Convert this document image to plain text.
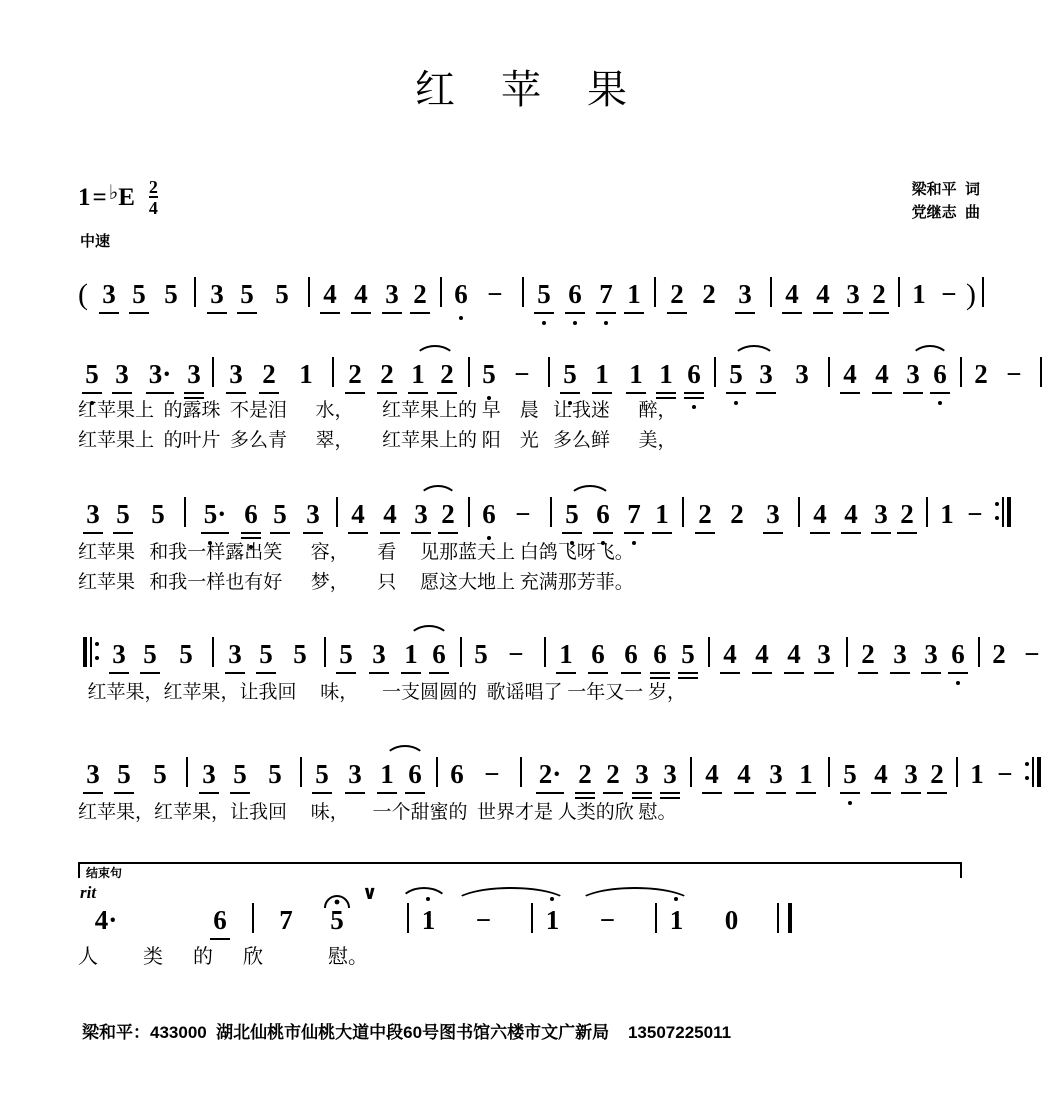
红 苹 果
1 = ♭ E $\frac{2}{4}$
中速
梁和平  词
党继志  曲
( 3 5 5	3 5 5	4 4 3 2 6 −	5 6 7 1	2 2 3	4 4 3 2 1 − )
5 3 3· 3	3 2 1	2 2 1 2	5 −	5 1 1 1 6 5 3 3	4 4 3 6 2 −
红苹果上  的露珠  不是泪      水，      红苹果上的 早    晨   让我迷      醉，
红苹果上  的叶片  多么青      翠，      红苹果上的 阳    光   多么鲜      美，
3 5 5	5· 6 5 3	4 4 3 2 6 −	5 6 7 1	2 2 3	4 4 3 2 1 −
红苹果   和我一样露出笑      容，      看     见那蓝天上 白鸽飞呀飞。
红苹果   和我一样也有好      梦，      只     愿这大地上 充满那芳菲。
3 5 5	3 5 5	5 3 1 6	5 −	1 6 6 6 5 4 4 4 3	2 3 3 6 2 −
红苹果，红苹果，让我回     味，     一支圆圆的  歌谣唱了 一年又一 岁，
3 5 5	3 5 5	5 3 1 6	6 −	2· 2 2 3 3 4 4 3 1	5 4 3 2 1 −
红苹果，红苹果，让我回     味，     一个甜蜜的  世界才是 人类的欣 慰。
结束句
rit
4·	6	7	5
∨
1	−	1	−	1	0
人         类      的      欣             慰。
梁和平：433000  湖北仙桃市仙桃大道中段60号图书馆六楼市文广新局    13507225011
